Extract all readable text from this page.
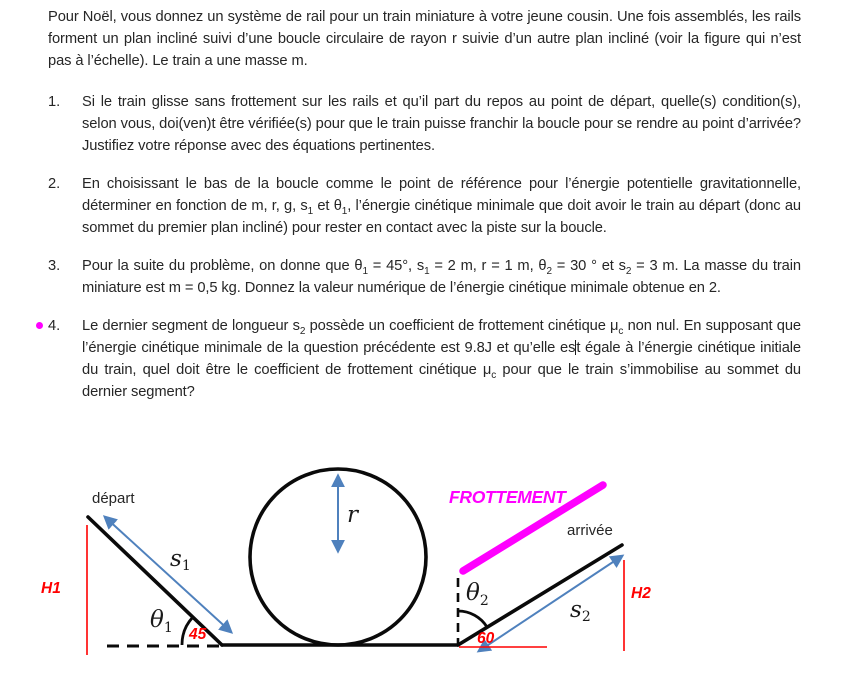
Pour Noël, vous donnez un système de rail pour un train miniature à votre jeune cousin. Une fois assemblés, les rails forment un plan incliné suivi d’une boucle circulaire de rayon r suivie d’un autre plan incliné (voir la figure qui n’est pas à l’échelle). Le train a une masse m.

1.	Si le train glisse sans frottement sur les rails et qu’il part du repos au point de départ, quelle(s) condition(s), selon vous, doi(ven)t être vérifiée(s) pour que le train puisse franchir la boucle pour se rendre au point d’arrivée? Justifiez votre réponse avec des équations pertinentes.
2.	En choisissant le bas de la boucle comme le point de référence pour l’énergie potentielle gravitationnelle, déterminer en fonction de m, r, g, $s_1$ et $\theta_1$, l’énergie cinétique minimale que doit avoir le train au départ (donc au sommet du premier plan incliné) pour rester en contact avec la piste sur la boucle.
3.	Pour la suite du problème, on donne que $\theta_1 = 45^\circ$, $s_1 = 2$ m, r = 1 m, $\theta_2 = 30$ ° et $s_2 = 3$ m. La masse du train miniature est m = 0,5 kg. Donnez la valeur numérique de l’énergie cinétique minimale obtenue en 2.
4.	Le dernier segment de longueur $s_2$ possède un coefficient de frottement cinétique $\mu_c$ non nul. En supposant que l’énergie cinétique minimale de la question précédente est 9.8J et qu’elle est égale à l’énergie cinétique initiale du train, quel doit être le coefficient de frottement cinétique $\mu_c$ pour que le train s’immobilise au sommet du dernier segment?
départ
arrivée
FROTTEMENT
H1	H2
45	60
r
s1
s2
$\theta_1$
$\theta_2$
